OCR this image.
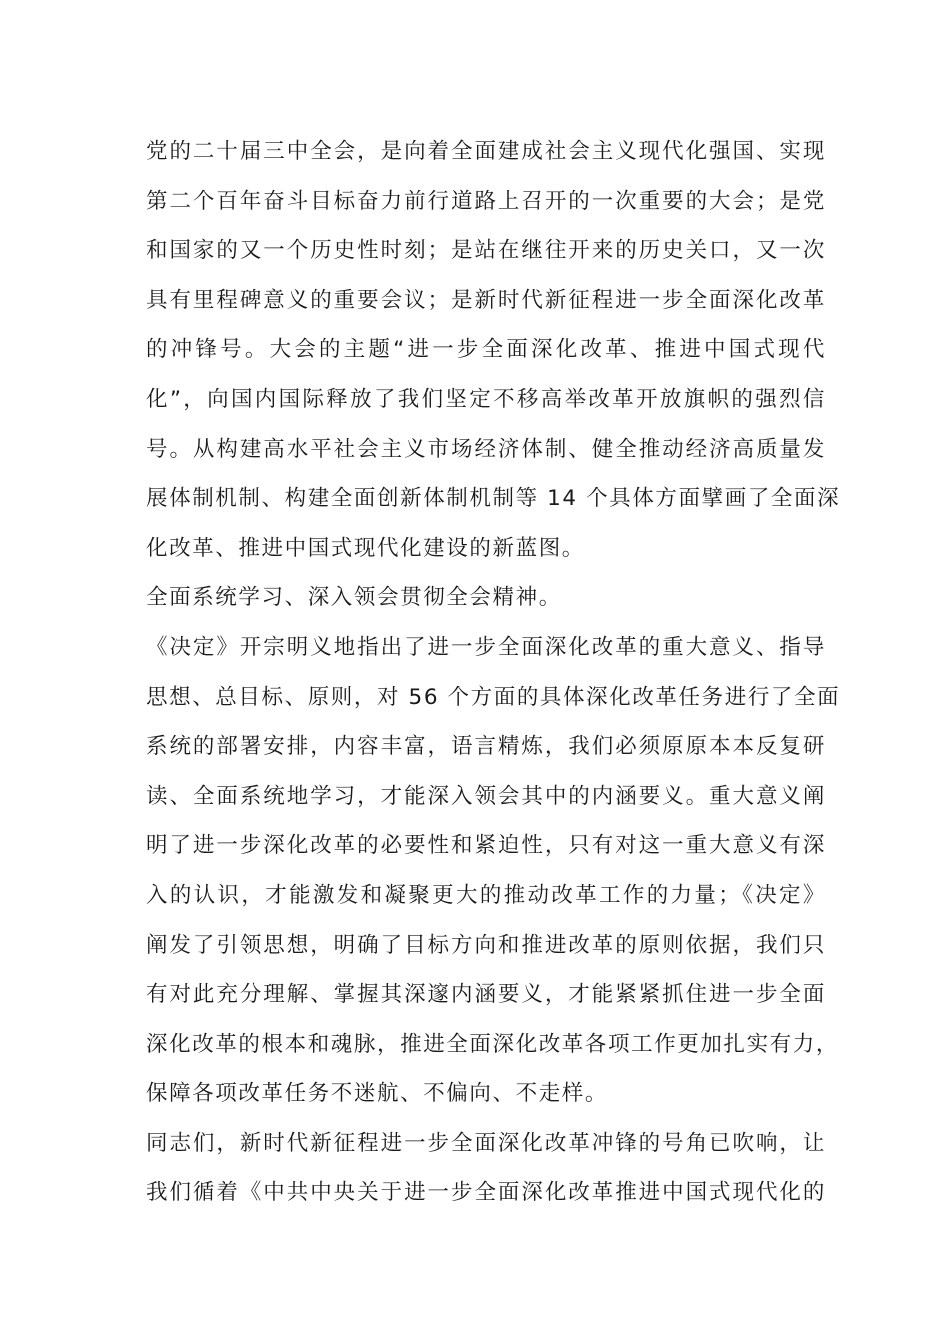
党的二十届三中全会，是向着全面建成社会主义现代化强国、实现
第二个百年奋斗目标奋力前行道路上召开的一次重要的大会；是党
和国家的又一个历史性时刻；是站在继往开来的历史关口，又一次
具有里程碑意义的重要会议；是新时代新征程进一步全面深化改革
的冲锋号。大会的主题“进一步全面深化改革、推进中国式现代
化”，向国内国际释放了我们坚定不移高举改革开放旗帜的强烈信
号。从构建高水平社会主义市场经济体制、健全推动经济高质量发
展体制机制、构建全面创新体制机制等 14 个具体方面擘画了全面深
化改革、推进中国式现代化建设的新蓝图。
全面系统学习、深入领会贯彻全会精神。
《决定》开宗明义地指出了进一步全面深化改革的重大意义、指导
思想、总目标、原则，对 56 个方面的具体深化改革任务进行了全面
系统的部署安排，内容丰富，语言精炼，我们必须原原本本反复研
读、全面系统地学习，才能深入领会其中的内涵要义。重大意义阐
明了进一步深化改革的必要性和紧迫性，只有对这一重大意义有深
入的认识，才能激发和凝聚更大的推动改革工作的力量；《决定》
阐发了引领思想，明确了目标方向和推进改革的原则依据，我们只
有对此充分理解、掌握其深邃内涵要义，才能紧紧抓住进一步全面
深化改革的根本和魂脉，推进全面深化改革各项工作更加扎实有力，
保障各项改革任务不迷航、不偏向、不走样。
同志们，新时代新征程进一步全面深化改革冲锋的号角已吹响，让
我们循着《中共中央关于进一步全面深化改革推进中国式现代化的
